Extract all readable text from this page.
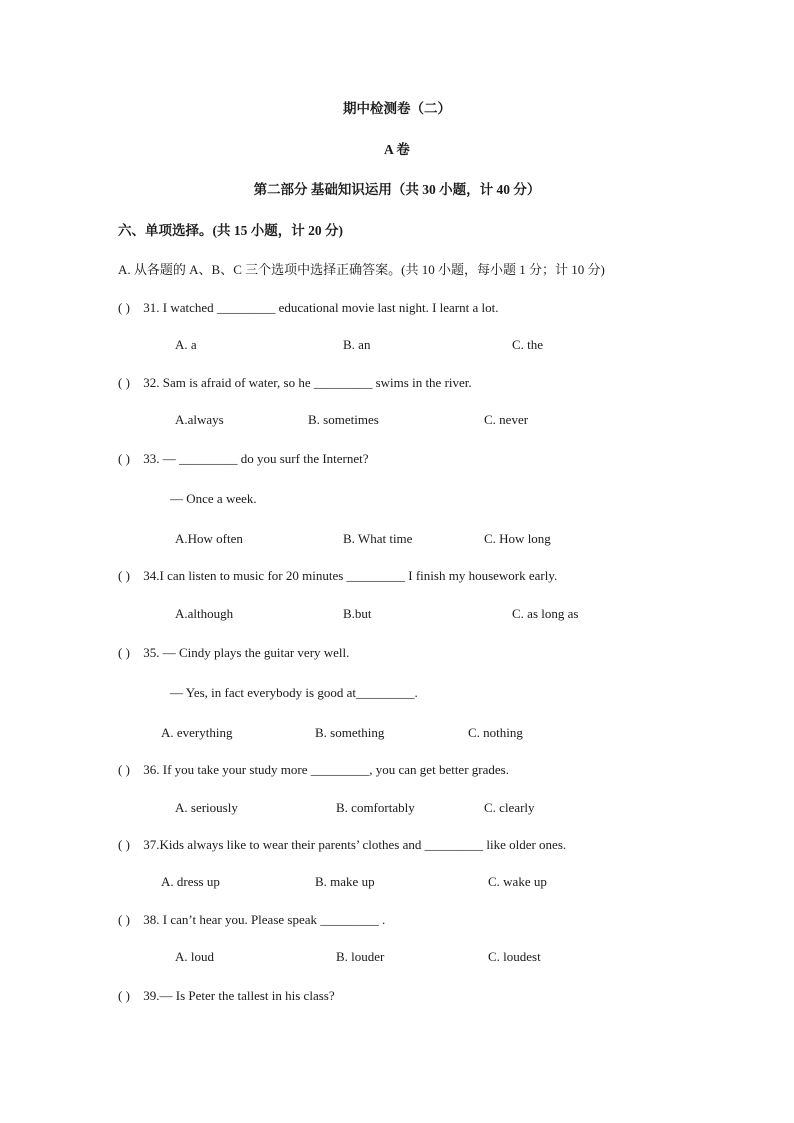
期中检测卷（二）
A 卷
第二部分 基础知识运用（共 30 小题，计 40 分）
六、单项选择。(共 15 小题，计 20 分)
A. 从各题的 A、B、C 三个选项中选择正确答案。(共 10 小题，每小题 1 分；计 10 分)
( ) 31. I watched _________ educational movie last night. I learnt a lot.
A. a	B. an	C. the
( ) 32. Sam is afraid of water, so he _________ swims in the river.
A.always	B. sometimes	C. never
( ) 33. — _________ do you surf the Internet?
— Once a week.
A.How often	B. What time	C. How long
( ) 34.I can listen to music for 20 minutes _________ I finish my housework early.
A.although	B.but	C. as long as
( ) 35. — Cindy plays the guitar very well.
— Yes, in fact everybody is good at_________.
A. everything	B. something	C. nothing
( ) 36. If you take your study more _________, you can get better grades.
A. seriously	B. comfortably	C. clearly
( ) 37.Kids always like to wear their parents’ clothes and _________ like older ones.
A. dress up	B. make up	C. wake up
( ) 38. I can’t hear you. Please speak _________ .
A. loud	B. louder	C. loudest
( ) 39.— Is Peter the tallest in his class?
